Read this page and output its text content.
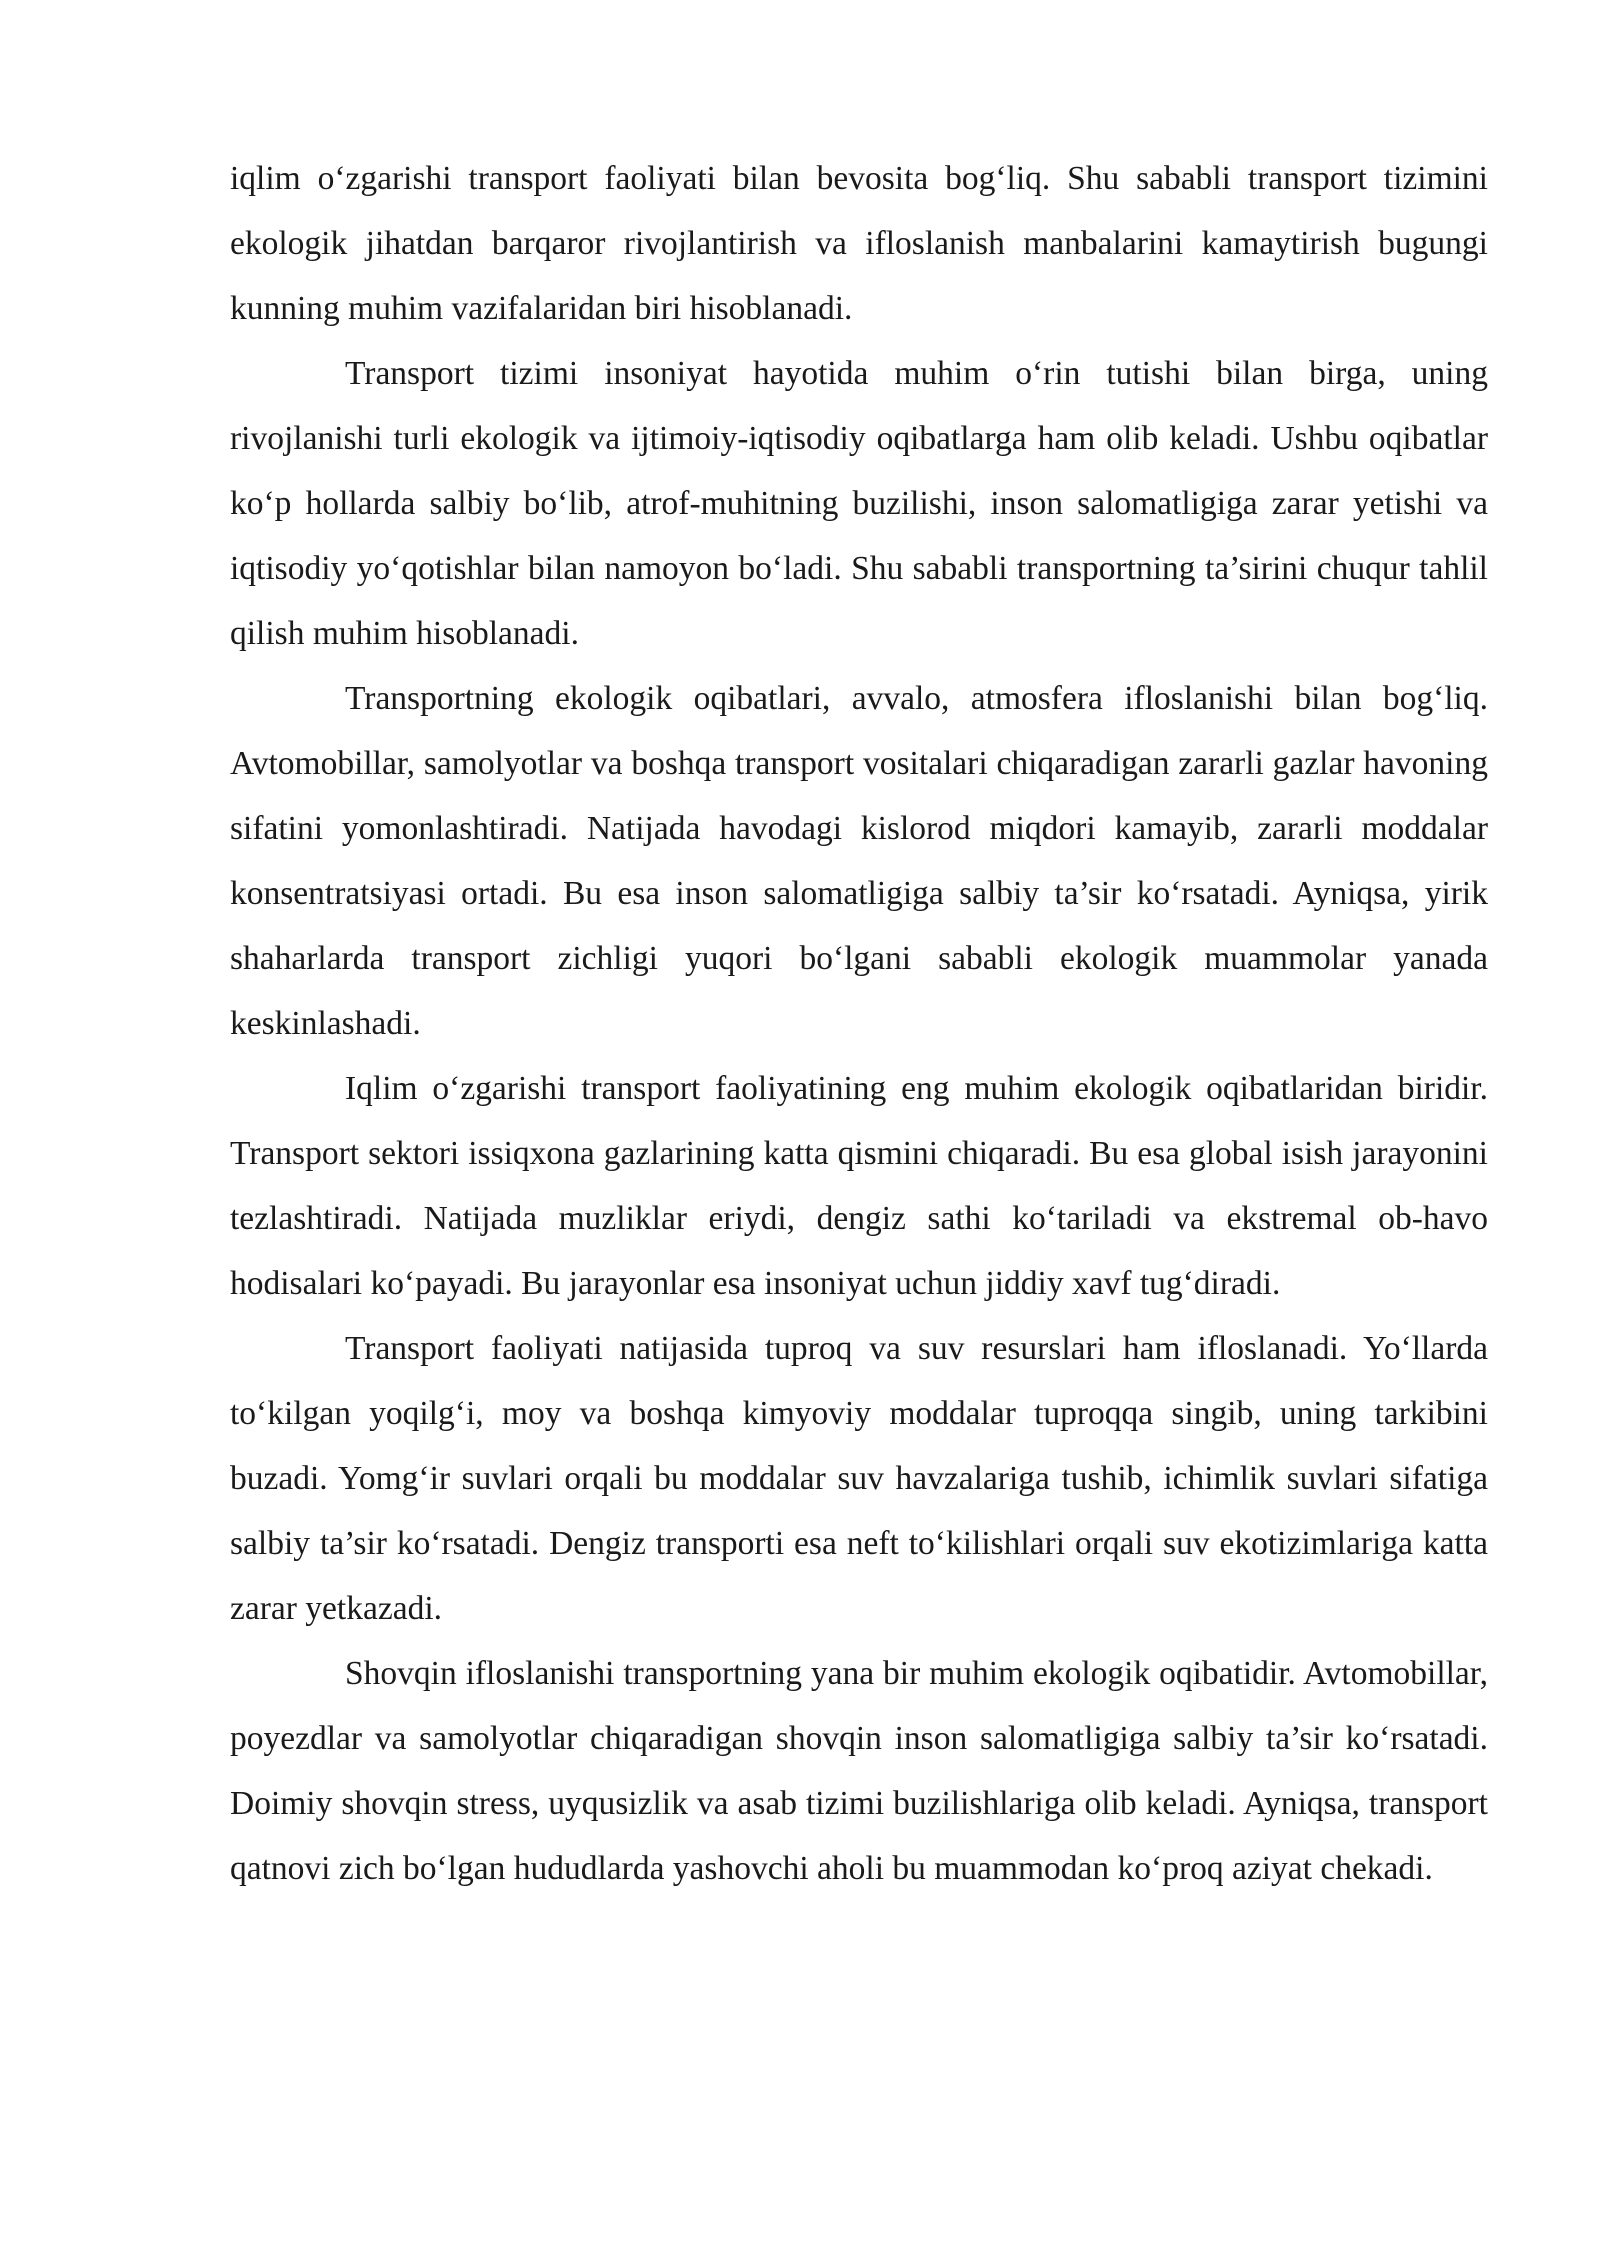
iqlim o‘zgarishi transport faoliyati bilan bevosita bog‘liq. Shu sababli transport tizimini ekologik jihatdan barqaror rivojlantirish va ifloslanish manbalarini kamaytirish bugungi kunning muhim vazifalaridan biri hisoblanadi.

Transport tizimi insoniyat hayotida muhim o‘rin tutishi bilan birga, uning rivojlanishi turli ekologik va ijtimoiy-iqtisodiy oqibatlarga ham olib keladi. Ushbu oqibatlar ko‘p hollarda salbiy bo‘lib, atrof-muhitning buzilishi, inson salomatligiga zarar yetishi va iqtisodiy yo‘qotishlar bilan namoyon bo‘ladi. Shu sababli transportning ta’sirini chuqur tahlil qilish muhim hisoblanadi.

Transportning ekologik oqibatlari, avvalo, atmosfera ifloslanishi bilan bog‘liq. Avtomobillar, samolyotlar va boshqa transport vositalari chiqaradigan zararli gazlar havoning sifatini yomonlashtiradi. Natijada havodagi kislorod miqdori kamayib, zararli moddalar konsentratsiyasi ortadi. Bu esa inson salomatligiga salbiy ta’sir ko‘rsatadi. Ayniqsa, yirik shaharlarda transport zichligi yuqori bo‘lgani sababli ekologik muammolar yanada keskinlashadi.

Iqlim o‘zgarishi transport faoliyatining eng muhim ekologik oqibatlaridan biridir. Transport sektori issiqxona gazlarining katta qismini chiqaradi. Bu esa global isish jarayonini tezlashtiradi. Natijada muzliklar eriydi, dengiz sathi ko‘tariladi va ekstremal ob-havo hodisalari ko‘payadi. Bu jarayonlar esa insoniyat uchun jiddiy xavf tug‘diradi.

Transport faoliyati natijasida tuproq va suv resurslari ham ifloslanadi. Yo‘llarda to‘kilgan yoqilg‘i, moy va boshqa kimyoviy moddalar tuproqqa singib, uning tarkibini buzadi. Yomg‘ir suvlari orqali bu moddalar suv havzalariga tushib, ichimlik suvlari sifatiga salbiy ta’sir ko‘rsatadi. Dengiz transporti esa neft to‘kilishlari orqali suv ekotizimlariga katta zarar yetkazadi.

Shovqin ifloslanishi transportning yana bir muhim ekologik oqibatidir. Avtomobillar, poyezdlar va samolyotlar chiqaradigan shovqin inson salomatligiga salbiy ta’sir ko‘rsatadi. Doimiy shovqin stress, uyqusizlik va asab tizimi buzilishlariga olib keladi. Ayniqsa, transport qatnovi zich bo‘lgan hududlarda yashovchi aholi bu muammodan ko‘proq aziyat chekadi.
